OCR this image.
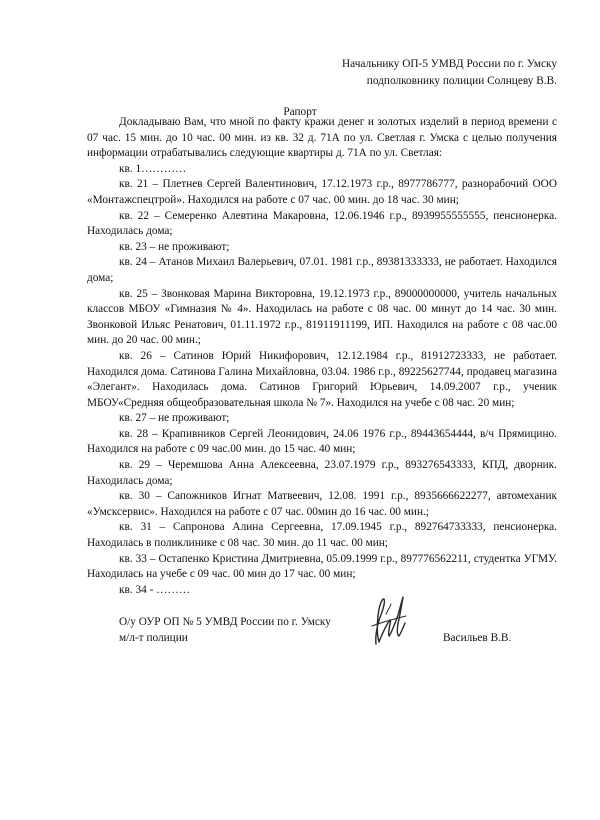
Начальнику ОП-5 УМВД России по г. Умску
подполковнику полиции Солнцеву В.В.
Рапорт

Докладываю Вам, что мной по факту кражи денег и золотых изделий в период времени с 07 час. 15 мин. до 10 час. 00 мин. из кв. 32 д. 71А по ул. Светлая г. Умска с целью получения информации отрабатывались следующие квартиры д. 71А по ул. Светлая:

кв. 1…………

кв. 21 – Плетнев Сергей Валентинович, 17.12.1973 г.р., 8977786777, разнорабочий ООО «Монтажспецтрой». Находился на работе с 07 час. 00 мин. до 18 час. 30 мин;

кв. 22 – Семеренко Алевтина Макаровна, 12.06.1946 г.р., 8939955555555, пенсионерка. Находилась дома;

кв. 23 – не проживают;

кв. 24 – Атанов Михаил Валерьевич, 07.01. 1981 г.р., 89381333333, не работает. Находился дома;

кв. 25 – Звонковая Марина Викторовна, 19.12.1973 г.р., 89000000000, учитель начальных классов МБОУ «Гимназия № 4». Находилась на работе с 08 час. 00 минут до 14 час. 30 мин. Звонковой Ильяс Ренатович, 01.11.1972 г.р., 81911911199, ИП. Находился на работе с 08 час.00 мин. до 20 час. 00 мин.;

кв. 26 – Сатинов Юрий Никифорович, 12.12.1984 г.р., 81912723333, не работает. Находился дома. Сатинова Галина Михайловна, 03.04. 1986 г.р., 89225627744, продавец магазина «Элегант». Находилась дома. Сатинов Григорий Юрьевич, 14.09.2007 г.р., ученик МБОУ«Средняя общеобразовательная школа № 7». Находился на учебе с 08 час. 20 мин;

кв. 27 – не проживают;

кв. 28 – Крапивников Сергей Леонидович, 24.06 1976 г.р., 89443654444, в/ч Прямицино. Находился на работе с 09 час.00 мин. до 15 час. 40 мин;

кв. 29 – Черемшова Анна Алексеевна, 23.07.1979 г.р., 893276543333, КПД, дворник. Находилась дома;

кв. 30 – Сапожников Игнат Матвеевич, 12.08. 1991 г.р., 8935666622277, автомеханик «Умсксервис». Находился на работе с 07 час. 00мин до 16 час. 00 мин.;

кв. 31 – Сапронова Алина Сергеевна, 17.09.1945 г.р., 892764733333, пенсионерка. Находилась в поликлинике с 08 час. 30 мин. до 11 час. 00 мин;

кв. 33 – Остапенко Кристина Дмитриевна, 05.09.1999 г.р., 897776562211, студентка УГМУ. Находилась на учебе с 09 час. 00 мин до 17 час. 00 мин;

кв. 34 - ………

О/у ОУР ОП № 5 УМВД России по г. Умску
м/л-т полиции	Васильев В.В.
